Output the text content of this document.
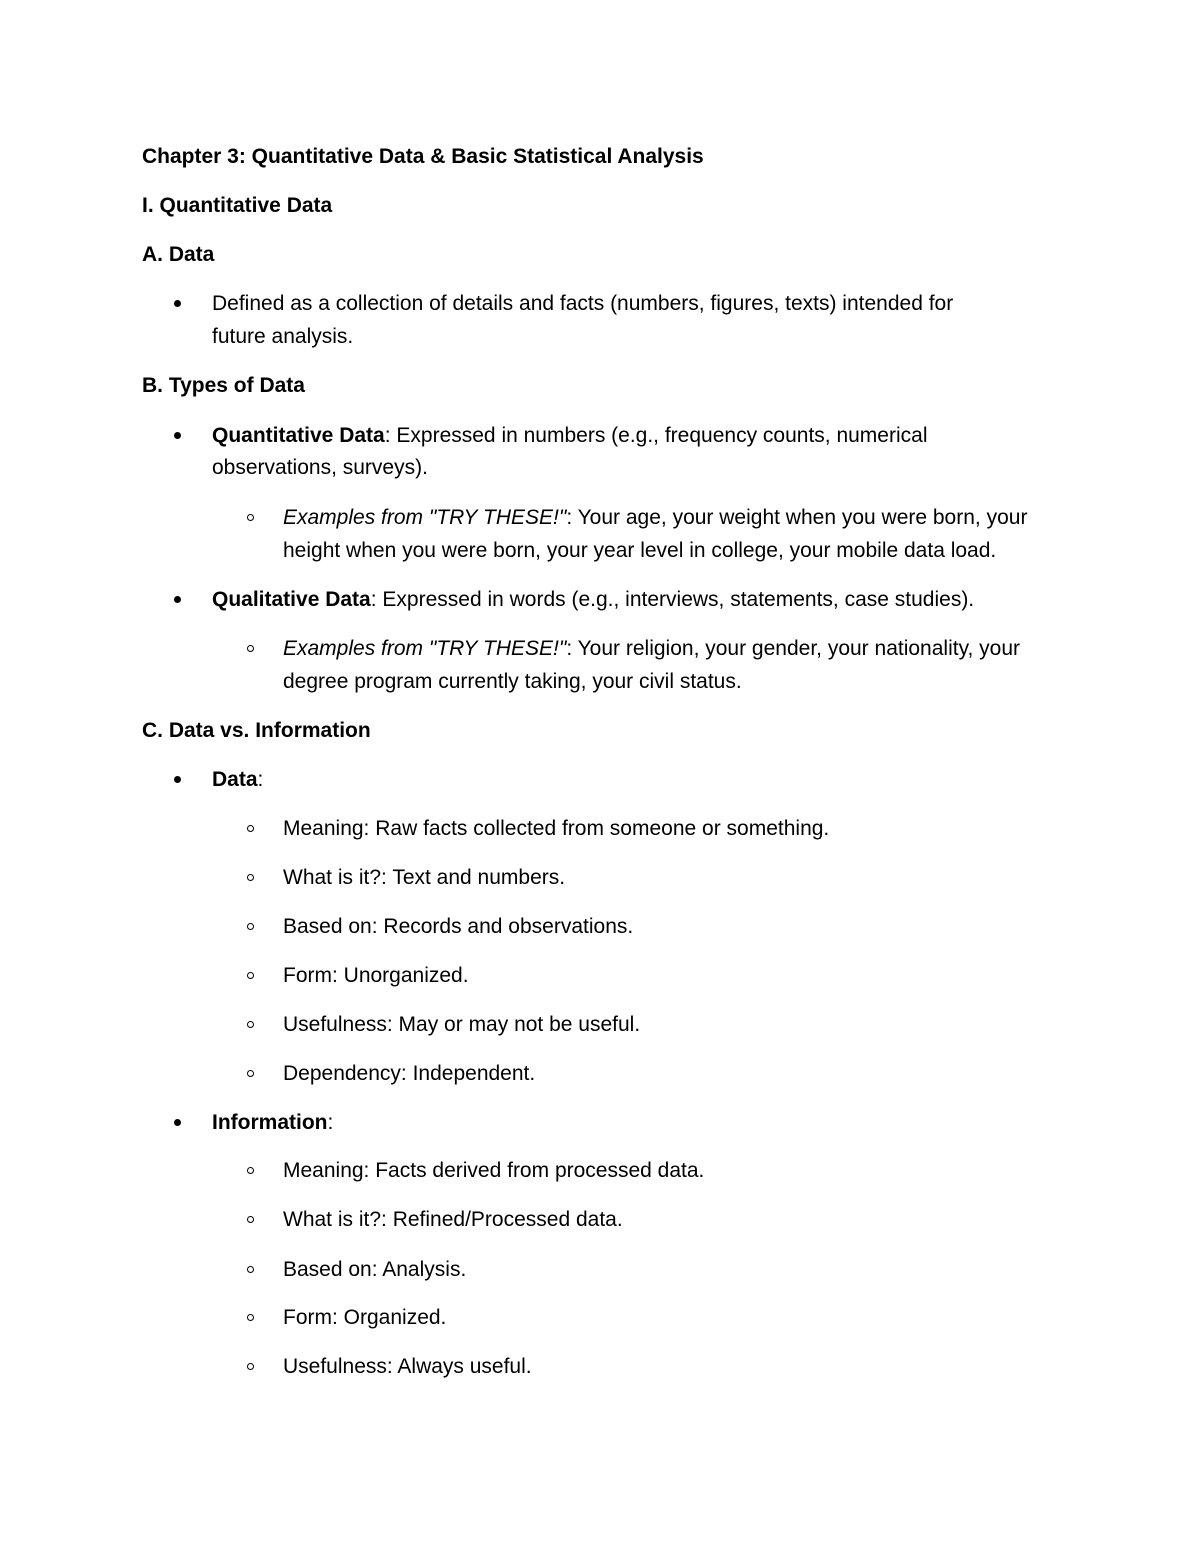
Chapter 3: Quantitative Data & Basic Statistical Analysis

I. Quantitative Data

A. Data

Defined as a collection of details and facts (numbers, figures, texts) intended for

future analysis.

B. Types of Data

Quantitative Data: Expressed in numbers (e.g., frequency counts, numerical

observations, surveys).

Examples from "TRY THESE!": Your age, your weight when you were born, your

height when you were born, your year level in college, your mobile data load.

Qualitative Data: Expressed in words (e.g., interviews, statements, case studies).

Examples from "TRY THESE!": Your religion, your gender, your nationality, your

degree program currently taking, your civil status.

C. Data vs. Information

Data:

Meaning: Raw facts collected from someone or something.

What is it?: Text and numbers.

Based on: Records and observations.

Form: Unorganized.

Usefulness: May or may not be useful.

Dependency: Independent.

Information:

Meaning: Facts derived from processed data.

What is it?: Refined/Processed data.

Based on: Analysis.

Form: Organized.

Usefulness: Always useful.
